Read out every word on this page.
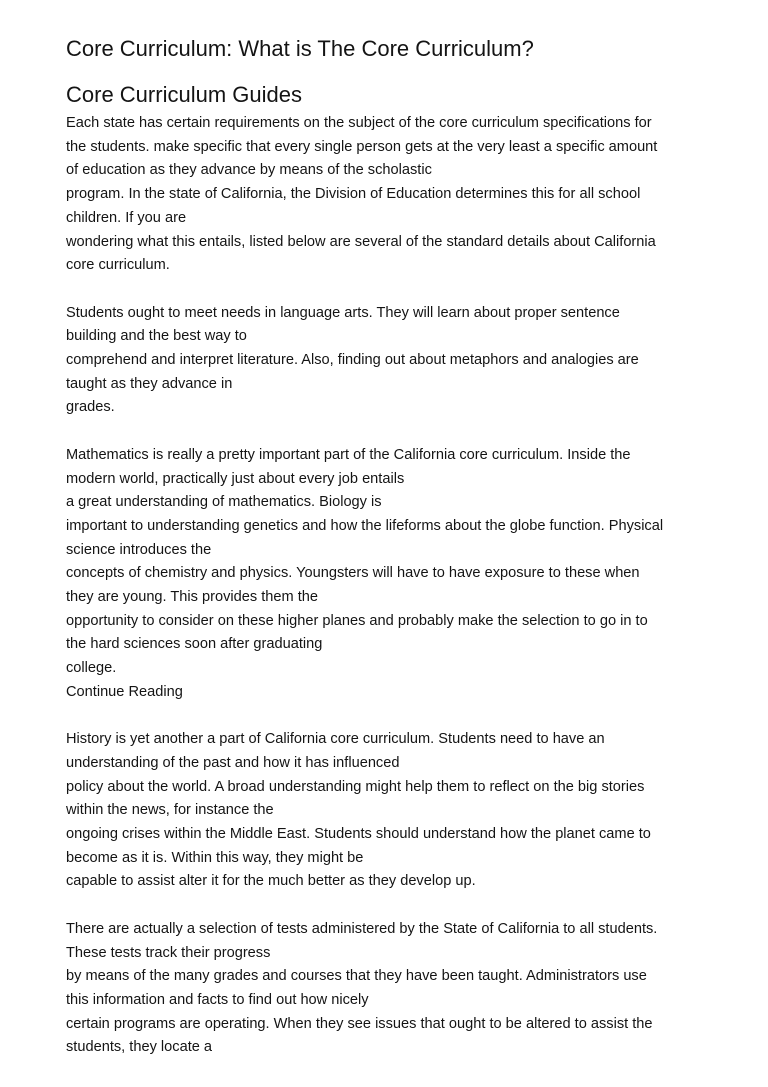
Core Curriculum: What is The Core Curriculum?
Core Curriculum Guides
Each state has certain requirements on the subject of the core curriculum specifications for
the students. make specific that every single person gets at the very least a specific amount
of education as they advance by means of the scholastic
program. In the state of California, the Division of Education determines this for all school
children. If you are
wondering what this entails, listed below are several of the standard details about California
core curriculum.
Students ought to meet needs in language arts. They will learn about proper sentence
building and the best way to
comprehend and interpret literature. Also, finding out about metaphors and analogies are
taught as they advance in
grades.
Mathematics is really a pretty important part of the California core curriculum. Inside the
modern world, practically just about every job entails
a great understanding of mathematics. Biology is
important to understanding genetics and how the lifeforms about the globe function. Physical
science introduces the
concepts of chemistry and physics. Youngsters will have to have exposure to these when
they are young. This provides them the
opportunity to consider on these higher planes and probably make the selection to go in to
the hard sciences soon after graduating
college.
Continue Reading
History is yet another a part of California core curriculum. Students need to have an
understanding of the past and how it has influenced
policy about the world. A broad understanding might help them to reflect on the big stories
within the news, for instance the
ongoing crises within the Middle East. Students should understand how the planet came to
become as it is. Within this way, they might be
capable to assist alter it for the much better as they develop up.
There are actually a selection of tests administered by the State of California to all students.
These tests track their progress
by means of the many grades and courses that they have been taught. Administrators use
this information and facts to find out how nicely
certain programs are operating. When they see issues that ought to be altered to assist the
students, they locate a
